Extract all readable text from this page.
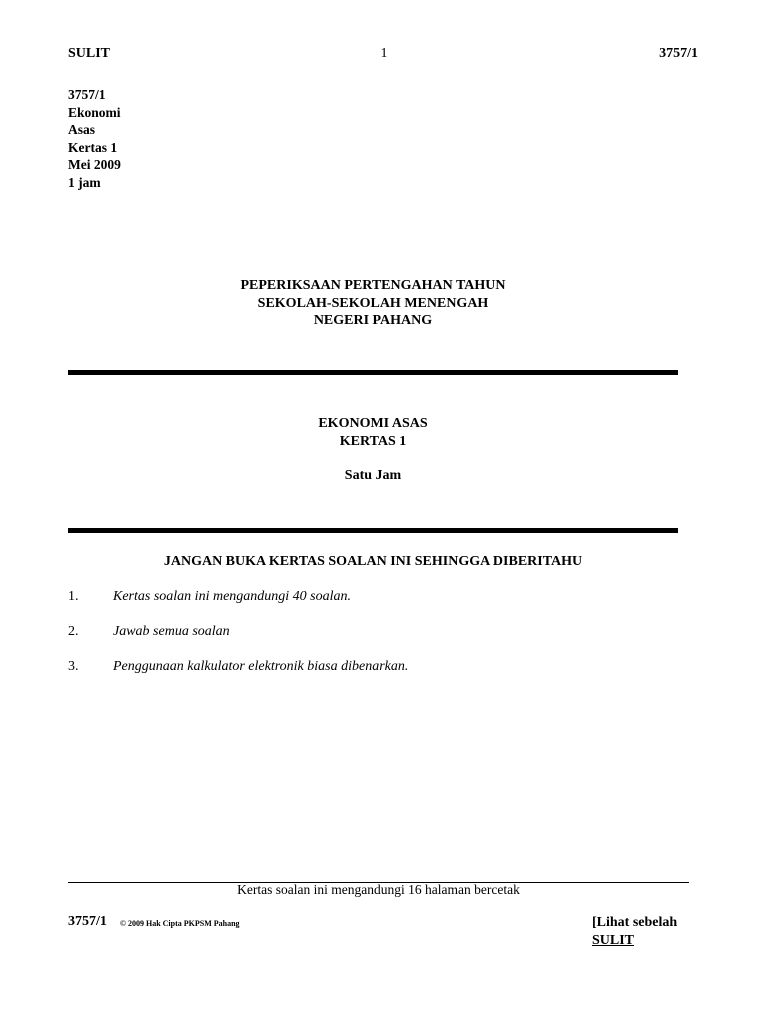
SULIT	1	3757/1
3757/1
Ekonomi
Asas
Kertas 1
Mei 2009
1 jam
PEPERIKSAAN PERTENGAHAN TAHUN
SEKOLAH-SEKOLAH MENENGAH
NEGERI PAHANG
EKONOMI ASAS
KERTAS 1
Satu Jam
JANGAN BUKA KERTAS SOALAN INI SEHINGGA DIBERITAHU
1. Kertas soalan ini mengandungi 40 soalan.
2. Jawab semua soalan
3. Penggunaan kalkulator elektronik biasa dibenarkan.
Kertas soalan ini mengandungi 16 halaman bercetak
3757/1 © 2009 Hak Cipta PKPSM Pahang	[Lihat sebelah
SULIT
